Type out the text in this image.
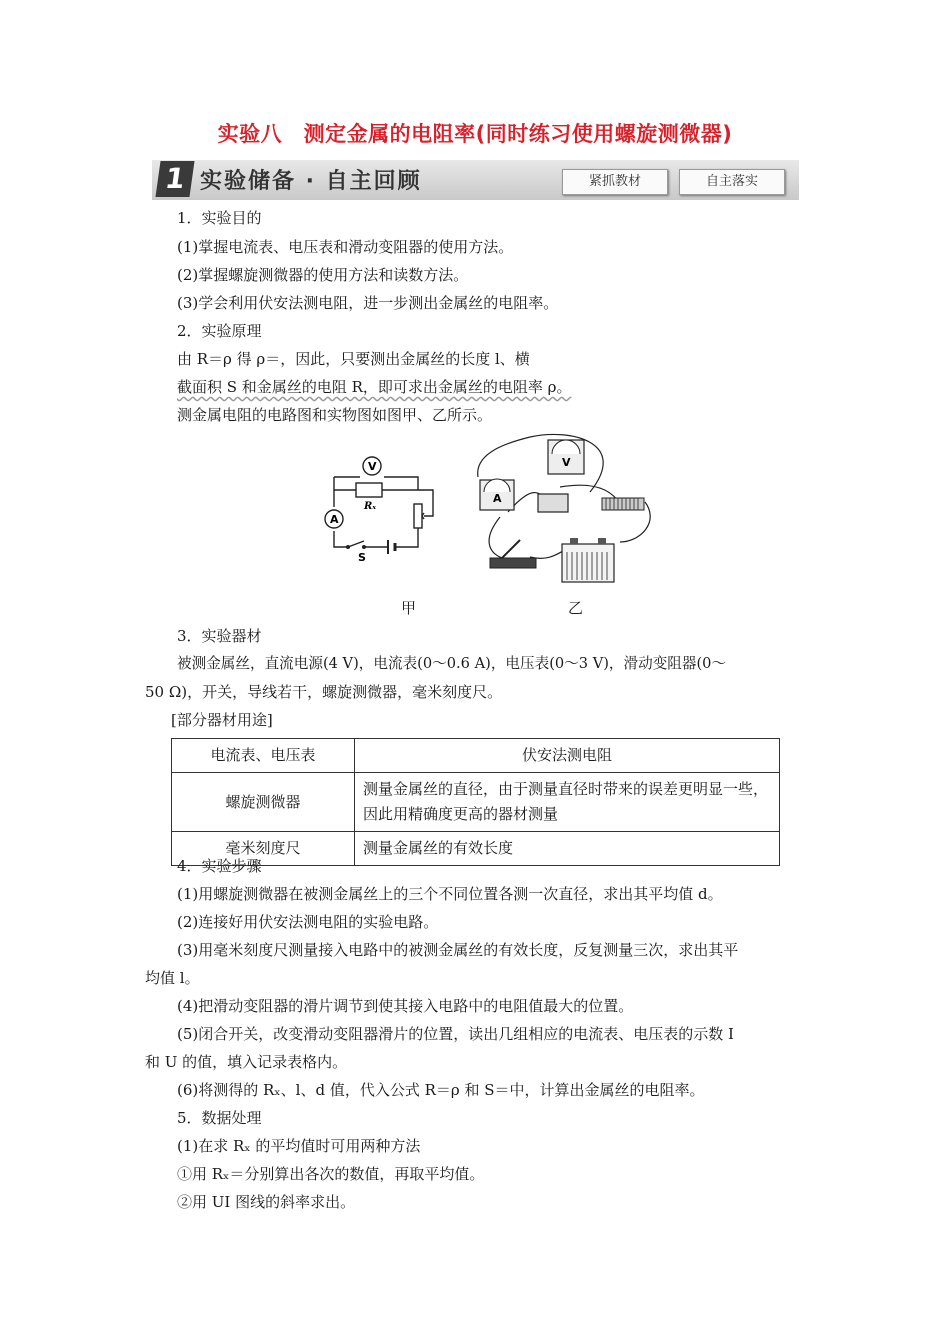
实验八　测定金属的电阻率(同时练习使用螺旋测微器)
1 实验储备 · 自主回顾	紧抓教材	自主落实
1．实验目的
(1)掌握电流表、电压表和滑动变阻器的使用方法。
(2)掌握螺旋测微器的使用方法和读数方法。
(3)学会利用伏安法测电阻，进一步测出金属丝的电阻率。
2．实验原理
由 R＝ρ 得 ρ＝，因此，只要测出金属丝的长度 l、横
截面积 S 和金属丝的电阻 R，即可求出金属丝的电阻率 ρ。
测金属电阻的电路图和实物图如图甲、乙所示。
V
A
Rₓ
S
A
V
甲	乙
3．实验器材
被测金属丝，直流电源(4 V)，电流表(0～0.6 A)，电压表(0～3 V)，滑动变阻器(0～
50 Ω)，开关，导线若干，螺旋测微器，毫米刻度尺。
[部分器材用途]
电流表、电压表	伏安法测电阻
螺旋测微器	测量金属丝的直径，由于测量直径时带来的误差更明显一些，因此用精确度更高的器材测量
毫米刻度尺	测量金属丝的有效长度
4．实验步骤
(1)用螺旋测微器在被测金属丝上的三个不同位置各测一次直径，求出其平均值 d。
(2)连接好用伏安法测电阻的实验电路。
(3)用毫米刻度尺测量接入电路中的被测金属丝的有效长度，反复测量三次，求出其平
均值 l。
(4)把滑动变阻器的滑片调节到使其接入电路中的电阻值最大的位置。
(5)闭合开关，改变滑动变阻器滑片的位置，读出几组相应的电流表、电压表的示数 I
和 U 的值，填入记录表格内。
(6)将测得的 Rₓ、l、d 值，代入公式 R＝ρ 和 S＝中，计算出金属丝的电阻率。
5．数据处理
(1)在求 Rₓ 的平均值时可用两种方法
①用 Rₓ＝分别算出各次的数值，再取平均值。
②用 UI 图线的斜率求出。
